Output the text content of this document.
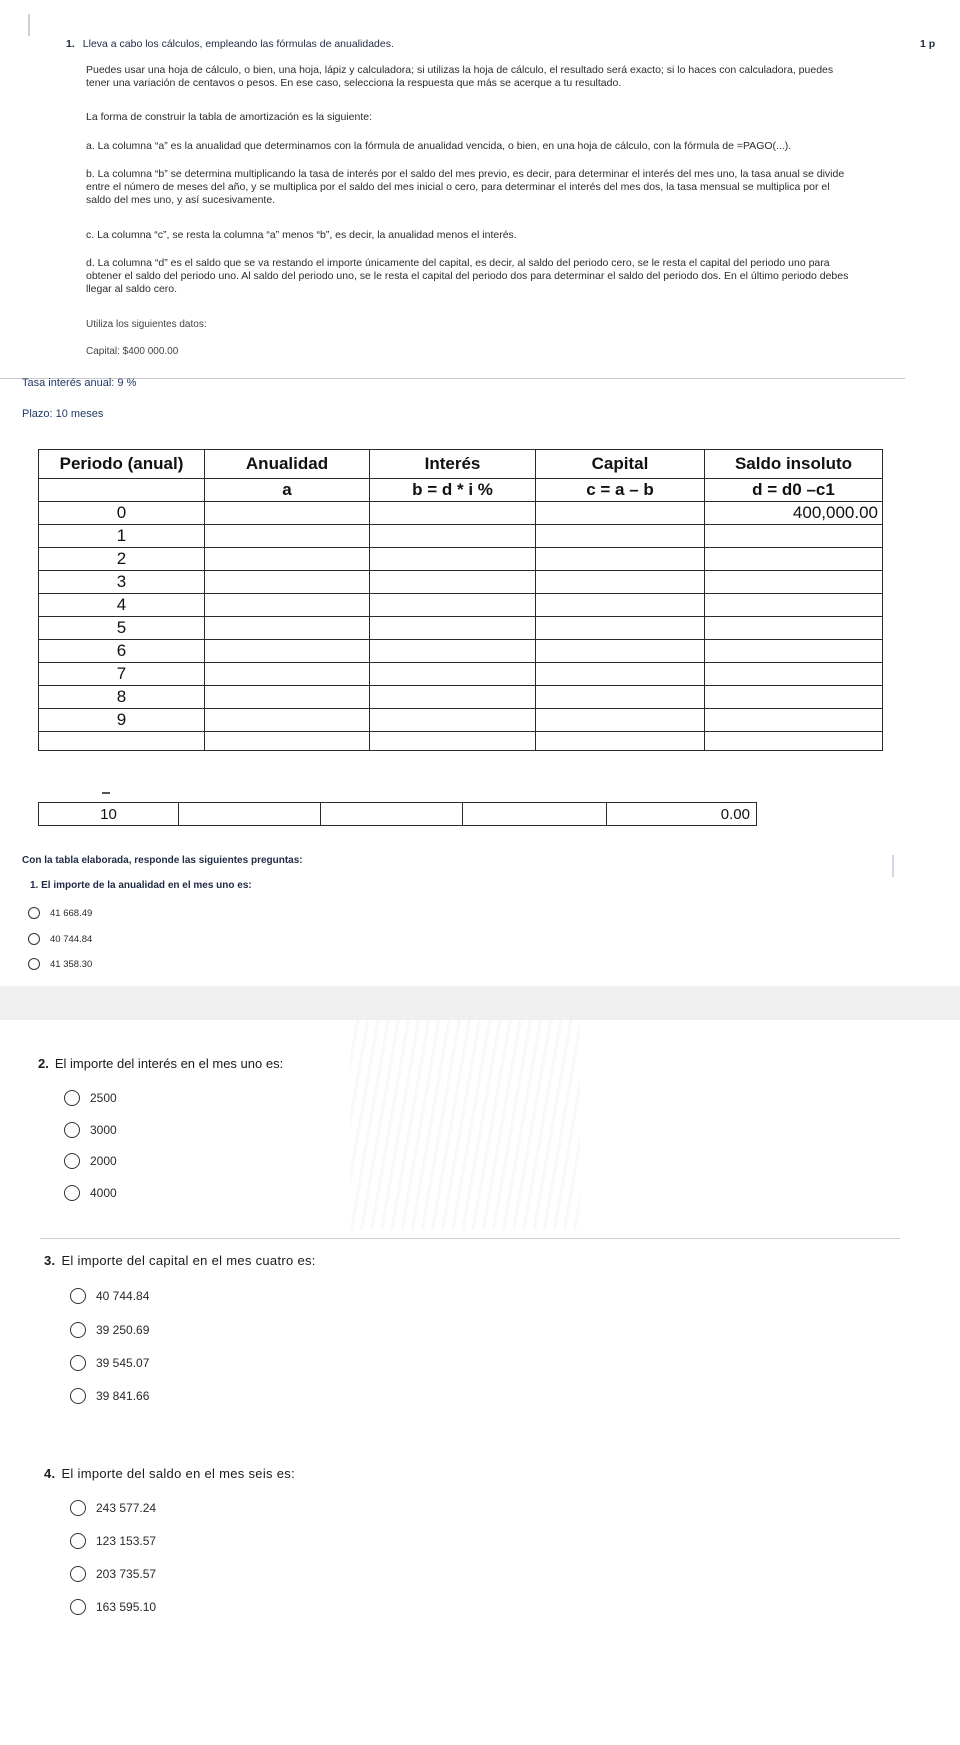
1. Lleva a cabo los cálculos, empleando las fórmulas de anualidades.	1 p
Puedes usar una hoja de cálculo, o bien, una hoja, lápiz y calculadora; si utilizas la hoja de cálculo, el resultado será exacto; si lo haces con calculadora, puedes tener una variación de centavos o pesos. En ese caso, selecciona la respuesta que más se acerque a tu resultado.
La forma de construir la tabla de amortización es la siguiente:
a. La columna “a” es la anualidad que determinamos con la fórmula de anualidad vencida, o bien, en una hoja de cálculo, con la fórmula de =PAGO(...).
b. La columna “b” se determina multiplicando la tasa de interés por el saldo del mes previo, es decir, para determinar el interés del mes uno, la tasa anual se divide entre el número de meses del año, y se multiplica por el saldo del mes inicial o cero, para determinar el interés del mes dos, la tasa mensual se multiplica por el saldo del mes uno, y así sucesivamente.
c. La columna “c”, se resta la columna “a” menos “b”, es decir, la anualidad menos el interés.
d. La columna “d” es el saldo que se va restando el importe únicamente del capital, es decir, al saldo del periodo cero, se le resta el capital del periodo uno para obtener el saldo del periodo uno. Al saldo del periodo uno, se le resta el capital del periodo dos para determinar el saldo del periodo dos. En el último periodo debes llegar al saldo cero.
Utiliza los siguientes datos:
Capital: $400 000.00
Tasa interés anual: 9 %
Plazo: 10 meses
Periodo (anual)	Anualidad	Interés	Capital	Saldo insoluto
	a	b = d * i %	c = a – b	d = d0 –c1
0				400,000.00
1				
2				
3				
4				
5				
6				
7				
8				
9				

10				0.00
Con la tabla elaborada, responde las siguientes preguntas:
1. El importe de la anualidad en el mes uno es:
41 668.49
40 744.84
41 358.30
2. El importe del interés en el mes uno es:
2500
3000
2000
4000
3. El importe del capital en el mes cuatro es:
40 744.84
39 250.69
39 545.07
39 841.66
4. El importe del saldo en el mes seis es:
243 577.24
123 153.57
203 735.57
163 595.10
